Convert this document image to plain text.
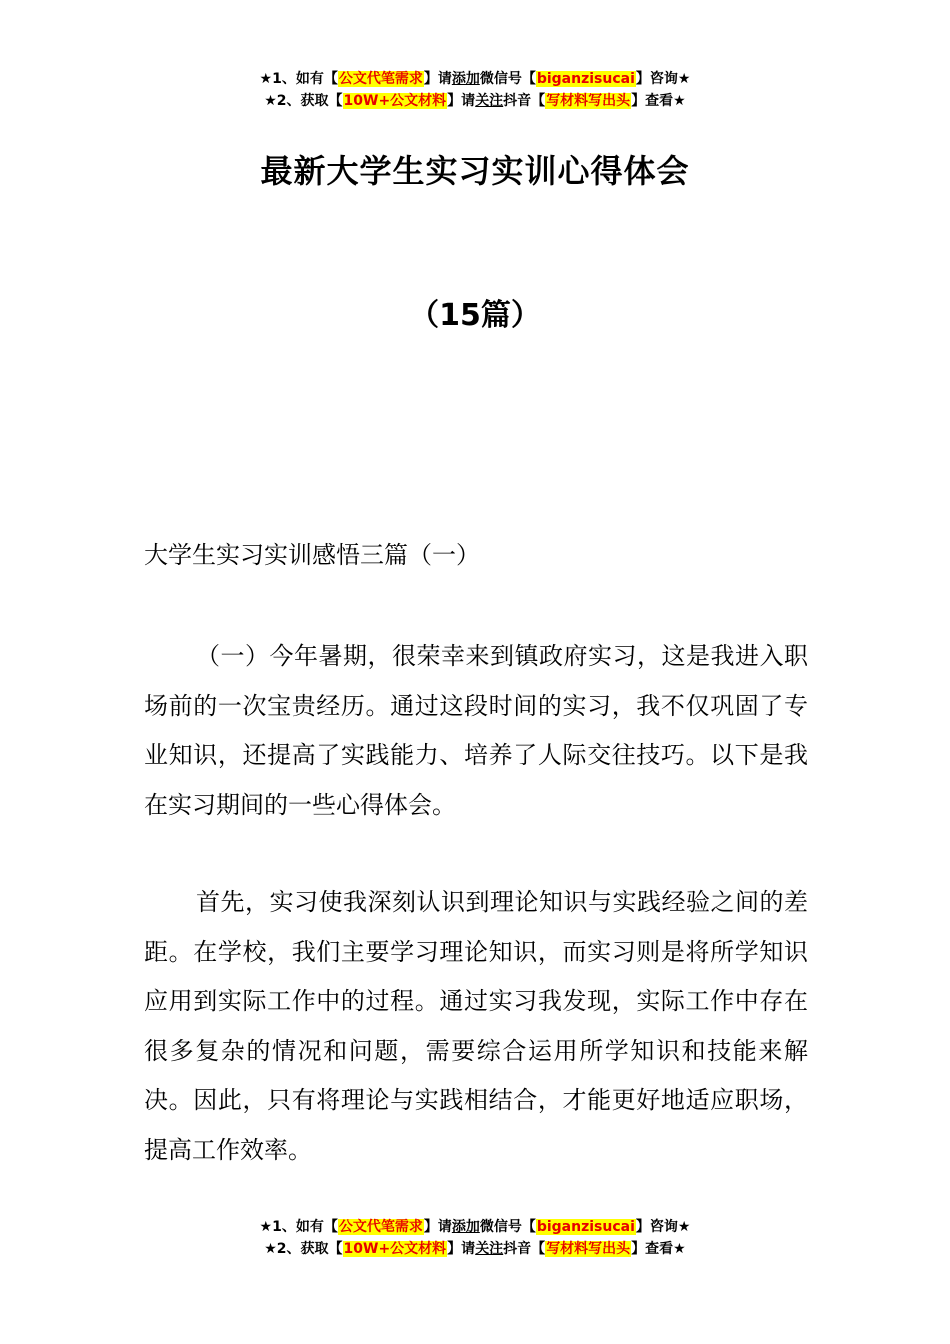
★1、如有【公文代笔需求】请添加微信号【biganzisucai】咨询★
★2、获取【10W+公文材料】请关注抖音【写材料写出头】查看★
最新大学生实习实训心得体会
（15篇）
大学生实习实训感悟三篇（一）

（一）今年暑期，很荣幸来到镇政府实习，这是我进入职场前的一次宝贵经历。通过这段时间的实习，我不仅巩固了专业知识，还提高了实践能力、培养了人际交往技巧。以下是我在实习期间的一些心得体会。

首先，实习使我深刻认识到理论知识与实践经验之间的差距。在学校，我们主要学习理论知识，而实习则是将所学知识应用到实际工作中的过程。通过实习我发现，实际工作中存在很多复杂的情况和问题，需要综合运用所学知识和技能来解决。因此，只有将理论与实践相结合，才能更好地适应职场，提高工作效率。

★1、如有【公文代笔需求】请添加微信号【biganzisucai】咨询★
★2、获取【10W+公文材料】请关注抖音【写材料写出头】查看★
